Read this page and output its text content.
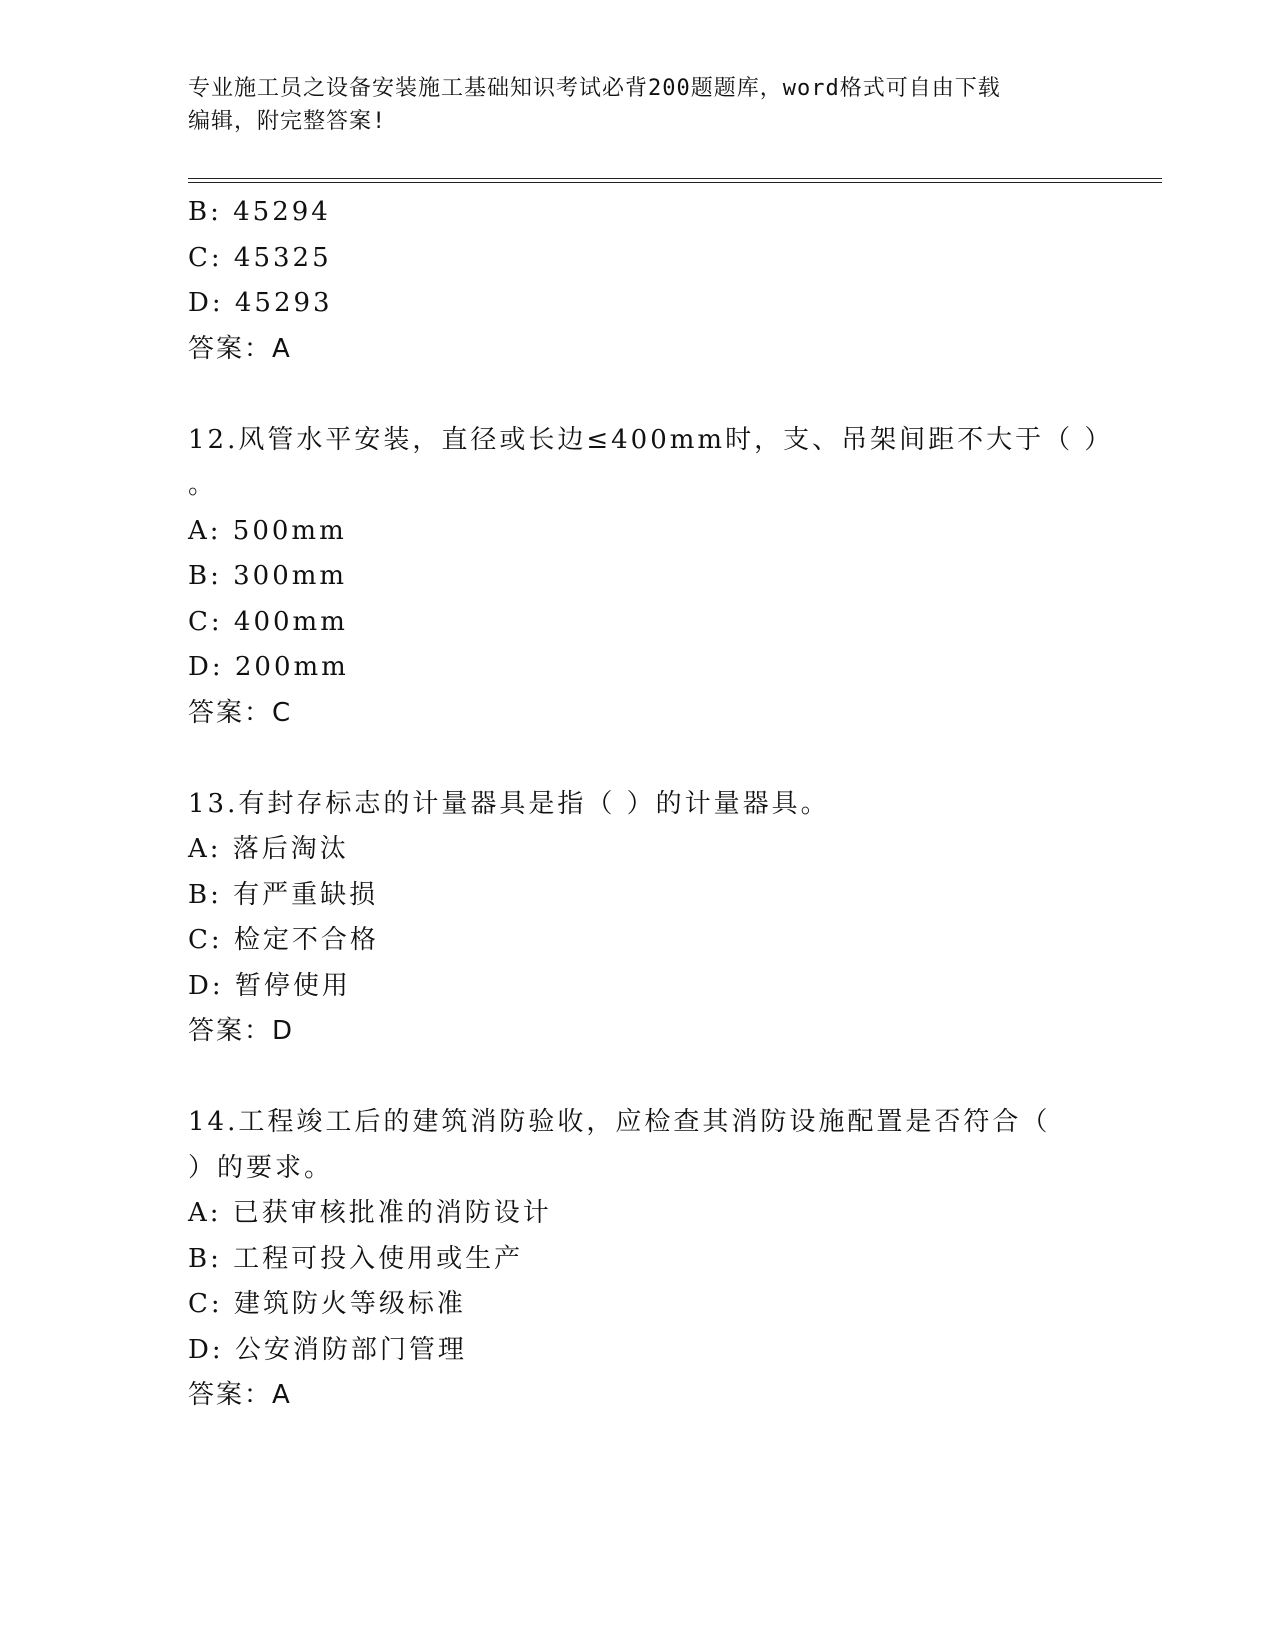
专业施工员之设备安装施工基础知识考试必背200题题库，word格式可自由下载
编辑，附完整答案!
B: 45294
C: 45325
D: 45293
答案：A
12.风管水平安装，直径或长边≤400mm时，支、吊架间距不大于（ ）
。
A: 500mm
B: 300mm
C: 400mm
D: 200mm
答案：C
13.有封存标志的计量器具是指（ ）的计量器具。
A: 落后淘汰
B: 有严重缺损
C: 检定不合格
D: 暂停使用
答案：D
14.工程竣工后的建筑消防验收，应检查其消防设施配置是否符合（
）的要求。
A: 已获审核批准的消防设计
B: 工程可投入使用或生产
C: 建筑防火等级标准
D: 公安消防部门管理
答案：A
